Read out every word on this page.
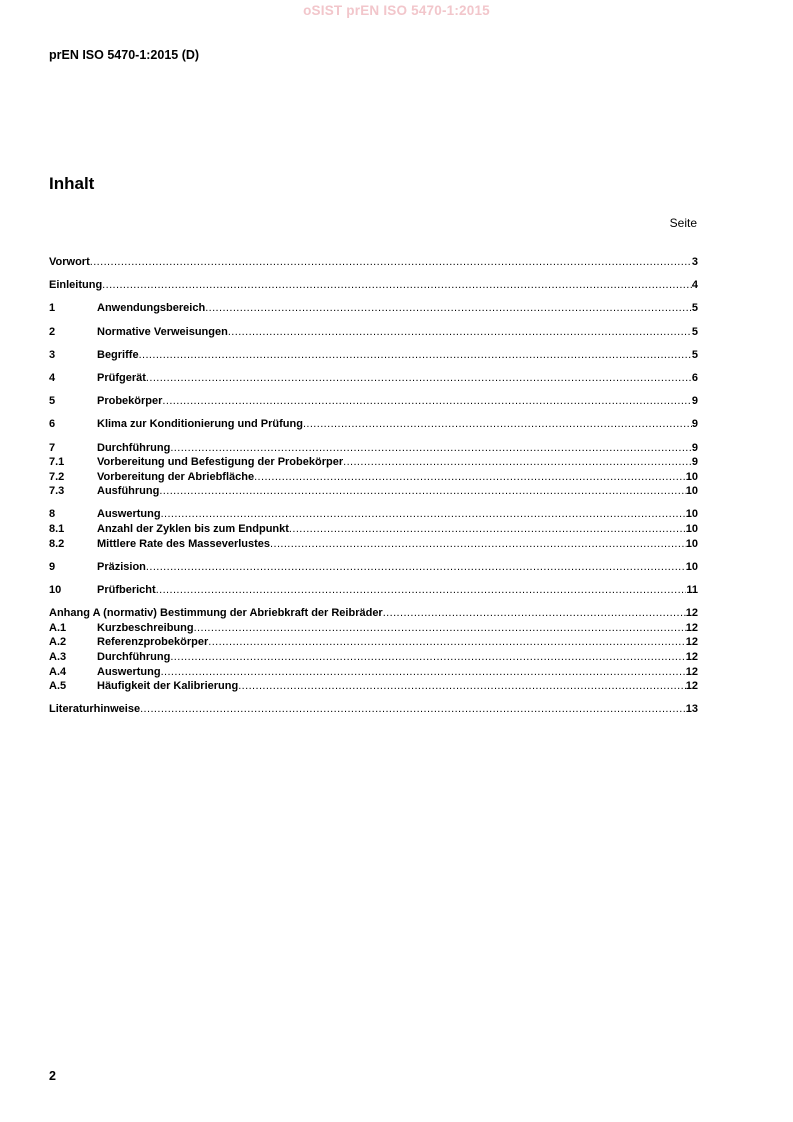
oSIST prEN ISO 5470-1:2015
prEN ISO 5470-1:2015 (D)
Inhalt
Seite
Vorwort .....	3
Einleitung .....	4
1	Anwendungsbereich .....	5
2	Normative Verweisungen .....	5
3	Begriffe .....	5
4	Prüfgerät .....	6
5	Probekörper .....	9
6	Klima zur Konditionierung und Prüfung .....	9
7	Durchführung .....	9
7.1	Vorbereitung und Befestigung der Probekörper .....	9
7.2	Vorbereitung der Abriebfläche .....	10
7.3	Ausführung .....	10
8	Auswertung .....	10
8.1	Anzahl der Zyklen bis zum Endpunkt .....	10
8.2	Mittlere Rate des Masseverlustes .....	10
9	Präzision .....	10
10	Prüfbericht .....	11
Anhang A (normativ) Bestimmung der Abriebkraft der Reibräder .....	12
A.1	Kurzbeschreibung .....	12
A.2	Referenzprobekörper .....	12
A.3	Durchführung .....	12
A.4	Auswertung .....	12
A.5	Häufigkeit der Kalibrierung .....	12
Literaturhinweise .....	13
2
